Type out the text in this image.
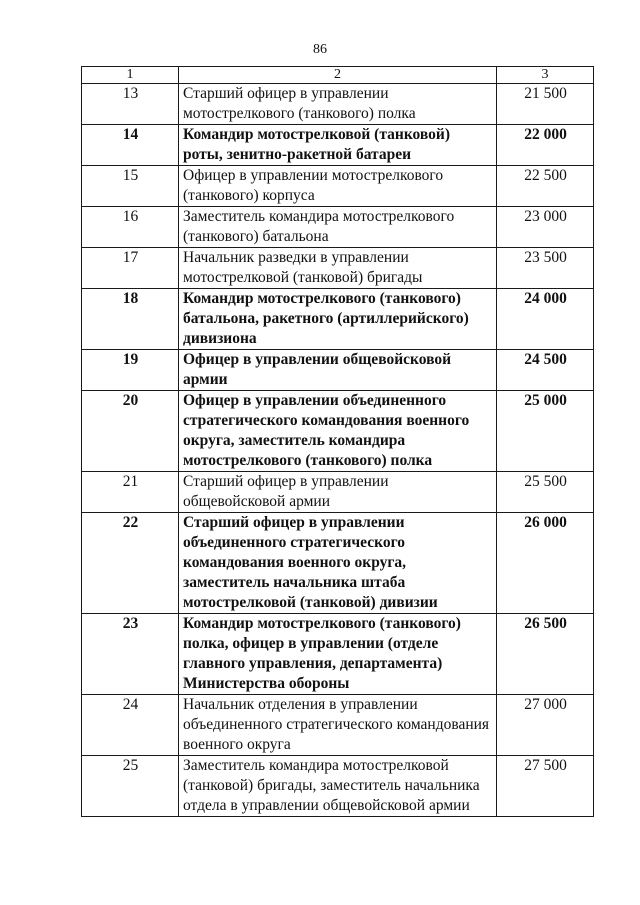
86
1	2	3
13	Старший офицер в управлении мотострелкового (танкового) полка	21 500
14	Командир мотострелковой (танковой) роты, зенитно-ракетной батареи	22 000
15	Офицер в управлении мотострелкового (танкового) корпуса	22 500
16	Заместитель командира мотострелкового (танкового) батальона	23 000
17	Начальник разведки в управлении мотострелковой (танковой) бригады	23 500
18	Командир мотострелкового (танкового) батальона, ракетного (артиллерийского) дивизиона	24 000
19	Офицер в управлении общевойсковой армии	24 500
20	Офицер в управлении объединенного стратегического командования военного округа, заместитель командира мотострелкового (танкового) полка	25 000
21	Старший офицер в управлении общевойсковой армии	25 500
22	Старший офицер в управлении объединенного стратегического командования военного округа, заместитель начальника штаба мотострелковой (танковой) дивизии	26 000
23	Командир мотострелкового (танкового) полка, офицер в управлении (отделе главного управления, департамента) Министерства обороны	26 500
24	Начальник отделения в управлении объединенного стратегического командования военного округа	27 000
25	Заместитель командира мотострелковой (танковой) бригады, заместитель начальника отдела в управлении общевойсковой армии	27 500
